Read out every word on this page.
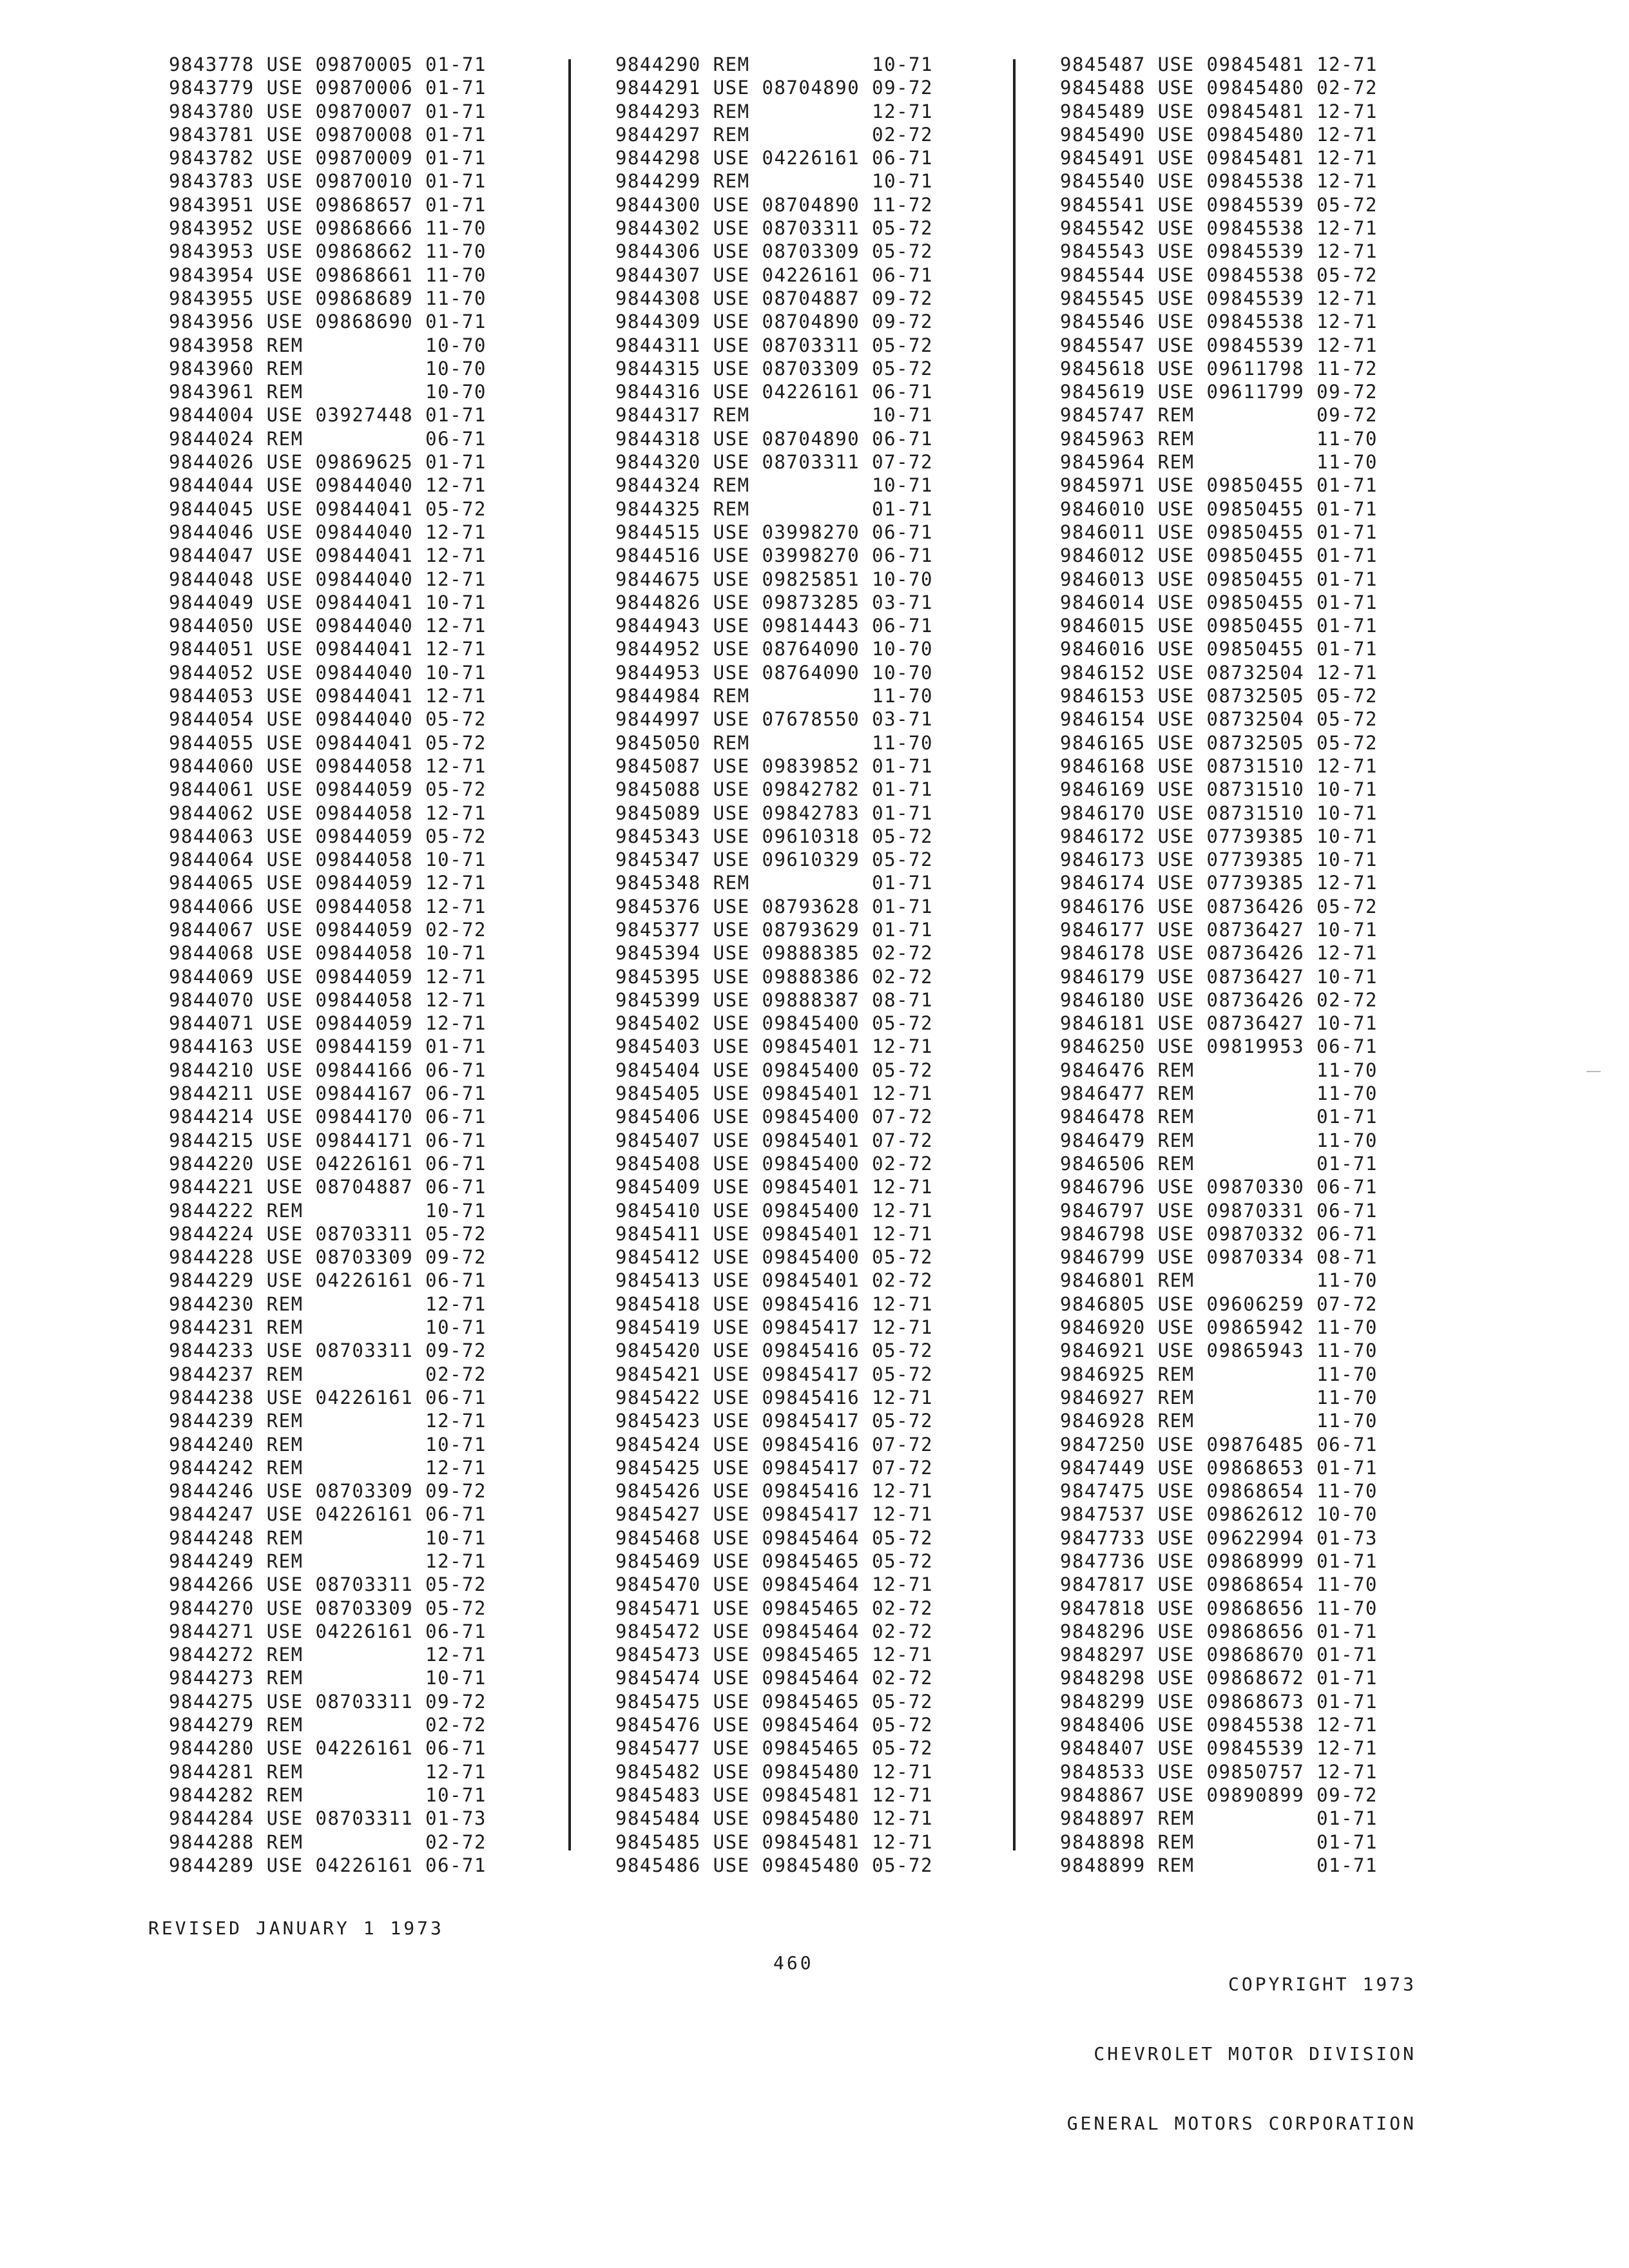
9843778 USE 09870005 01-71
9843779 USE 09870006 01-71
9843780 USE 09870007 01-71
9843781 USE 09870008 01-71
9843782 USE 09870009 01-71
9843783 USE 09870010 01-71
9843951 USE 09868657 01-71
9843952 USE 09868666 11-70
9843953 USE 09868662 11-70
9843954 USE 09868661 11-70
9843955 USE 09868689 11-70
9843956 USE 09868690 01-71
9843958 REM          10-70
9843960 REM          10-70
9843961 REM          10-70
9844004 USE 03927448 01-71
9844024 REM          06-71
9844026 USE 09869625 01-71
9844044 USE 09844040 12-71
9844045 USE 09844041 05-72
9844046 USE 09844040 12-71
9844047 USE 09844041 12-71
9844048 USE 09844040 12-71
9844049 USE 09844041 10-71
9844050 USE 09844040 12-71
9844051 USE 09844041 12-71
9844052 USE 09844040 10-71
9844053 USE 09844041 12-71
9844054 USE 09844040 05-72
9844055 USE 09844041 05-72
9844060 USE 09844058 12-71
9844061 USE 09844059 05-72
9844062 USE 09844058 12-71
9844063 USE 09844059 05-72
9844064 USE 09844058 10-71
9844065 USE 09844059 12-71
9844066 USE 09844058 12-71
9844067 USE 09844059 02-72
9844068 USE 09844058 10-71
9844069 USE 09844059 12-71
9844070 USE 09844058 12-71
9844071 USE 09844059 12-71
9844163 USE 09844159 01-71
9844210 USE 09844166 06-71
9844211 USE 09844167 06-71
9844214 USE 09844170 06-71
9844215 USE 09844171 06-71
9844220 USE 04226161 06-71
9844221 USE 08704887 06-71
9844222 REM          10-71
9844224 USE 08703311 05-72
9844228 USE 08703309 09-72
9844229 USE 04226161 06-71
9844230 REM          12-71
9844231 REM          10-71
9844233 USE 08703311 09-72
9844237 REM          02-72
9844238 USE 04226161 06-71
9844239 REM          12-71
9844240 REM          10-71
9844242 REM          12-71
9844246 USE 08703309 09-72
9844247 USE 04226161 06-71
9844248 REM          10-71
9844249 REM          12-71
9844266 USE 08703311 05-72
9844270 USE 08703309 05-72
9844271 USE 04226161 06-71
9844272 REM          12-71
9844273 REM          10-71
9844275 USE 08703311 09-72
9844279 REM          02-72
9844280 USE 04226161 06-71
9844281 REM          12-71
9844282 REM          10-71
9844284 USE 08703311 01-73
9844288 REM          02-72
9844289 USE 04226161 06-71
9844290 REM          10-71
9844291 USE 08704890 09-72
9844293 REM          12-71
9844297 REM          02-72
9844298 USE 04226161 06-71
9844299 REM          10-71
9844300 USE 08704890 11-72
9844302 USE 08703311 05-72
9844306 USE 08703309 05-72
9844307 USE 04226161 06-71
9844308 USE 08704887 09-72
9844309 USE 08704890 09-72
9844311 USE 08703311 05-72
9844315 USE 08703309 05-72
9844316 USE 04226161 06-71
9844317 REM          10-71
9844318 USE 08704890 06-71
9844320 USE 08703311 07-72
9844324 REM          10-71
9844325 REM          01-71
9844515 USE 03998270 06-71
9844516 USE 03998270 06-71
9844675 USE 09825851 10-70
9844826 USE 09873285 03-71
9844943 USE 09814443 06-71
9844952 USE 08764090 10-70
9844953 USE 08764090 10-70
9844984 REM          11-70
9844997 USE 07678550 03-71
9845050 REM          11-70
9845087 USE 09839852 01-71
9845088 USE 09842782 01-71
9845089 USE 09842783 01-71
9845343 USE 09610318 05-72
9845347 USE 09610329 05-72
9845348 REM          01-71
9845376 USE 08793628 01-71
9845377 USE 08793629 01-71
9845394 USE 09888385 02-72
9845395 USE 09888386 02-72
9845399 USE 09888387 08-71
9845402 USE 09845400 05-72
9845403 USE 09845401 12-71
9845404 USE 09845400 05-72
9845405 USE 09845401 12-71
9845406 USE 09845400 07-72
9845407 USE 09845401 07-72
9845408 USE 09845400 02-72
9845409 USE 09845401 12-71
9845410 USE 09845400 12-71
9845411 USE 09845401 12-71
9845412 USE 09845400 05-72
9845413 USE 09845401 02-72
9845418 USE 09845416 12-71
9845419 USE 09845417 12-71
9845420 USE 09845416 05-72
9845421 USE 09845417 05-72
9845422 USE 09845416 12-71
9845423 USE 09845417 05-72
9845424 USE 09845416 07-72
9845425 USE 09845417 07-72
9845426 USE 09845416 12-71
9845427 USE 09845417 12-71
9845468 USE 09845464 05-72
9845469 USE 09845465 05-72
9845470 USE 09845464 12-71
9845471 USE 09845465 02-72
9845472 USE 09845464 02-72
9845473 USE 09845465 12-71
9845474 USE 09845464 02-72
9845475 USE 09845465 05-72
9845476 USE 09845464 05-72
9845477 USE 09845465 05-72
9845482 USE 09845480 12-71
9845483 USE 09845481 12-71
9845484 USE 09845480 12-71
9845485 USE 09845481 12-71
9845486 USE 09845480 05-72
9845487 USE 09845481 12-71
9845488 USE 09845480 02-72
9845489 USE 09845481 12-71
9845490 USE 09845480 12-71
9845491 USE 09845481 12-71
9845540 USE 09845538 12-71
9845541 USE 09845539 05-72
9845542 USE 09845538 12-71
9845543 USE 09845539 12-71
9845544 USE 09845538 05-72
9845545 USE 09845539 12-71
9845546 USE 09845538 12-71
9845547 USE 09845539 12-71
9845618 USE 09611798 11-72
9845619 USE 09611799 09-72
9845747 REM          09-72
9845963 REM          11-70
9845964 REM          11-70
9845971 USE 09850455 01-71
9846010 USE 09850455 01-71
9846011 USE 09850455 01-71
9846012 USE 09850455 01-71
9846013 USE 09850455 01-71
9846014 USE 09850455 01-71
9846015 USE 09850455 01-71
9846016 USE 09850455 01-71
9846152 USE 08732504 12-71
9846153 USE 08732505 05-72
9846154 USE 08732504 05-72
9846165 USE 08732505 05-72
9846168 USE 08731510 12-71
9846169 USE 08731510 10-71
9846170 USE 08731510 10-71
9846172 USE 07739385 10-71
9846173 USE 07739385 10-71
9846174 USE 07739385 12-71
9846176 USE 08736426 05-72
9846177 USE 08736427 10-71
9846178 USE 08736426 12-71
9846179 USE 08736427 10-71
9846180 USE 08736426 02-72
9846181 USE 08736427 10-71
9846250 USE 09819953 06-71
9846476 REM          11-70
9846477 REM          11-70
9846478 REM          01-71
9846479 REM          11-70
9846506 REM          01-71
9846796 USE 09870330 06-71
9846797 USE 09870331 06-71
9846798 USE 09870332 06-71
9846799 USE 09870334 08-71
9846801 REM          11-70
9846805 USE 09606259 07-72
9846920 USE 09865942 11-70
9846921 USE 09865943 11-70
9846925 REM          11-70
9846927 REM          11-70
9846928 REM          11-70
9847250 USE 09876485 06-71
9847449 USE 09868653 01-71
9847475 USE 09868654 11-70
9847537 USE 09862612 10-70
9847733 USE 09622994 01-73
9847736 USE 09868999 01-71
9847817 USE 09868654 11-70
9847818 USE 09868656 11-70
9848296 USE 09868656 01-71
9848297 USE 09868670 01-71
9848298 USE 09868672 01-71
9848299 USE 09868673 01-71
9848406 USE 09845538 12-71
9848407 USE 09845539 12-71
9848533 USE 09850757 12-71
9848867 USE 09890899 09-72
9848897 REM          01-71
9848898 REM          01-71
9848899 REM          01-71
REVISED JANUARY 1 1973
460

COPYRIGHT 1973

CHEVROLET MOTOR DIVISION

GENERAL MOTORS CORPORATION
